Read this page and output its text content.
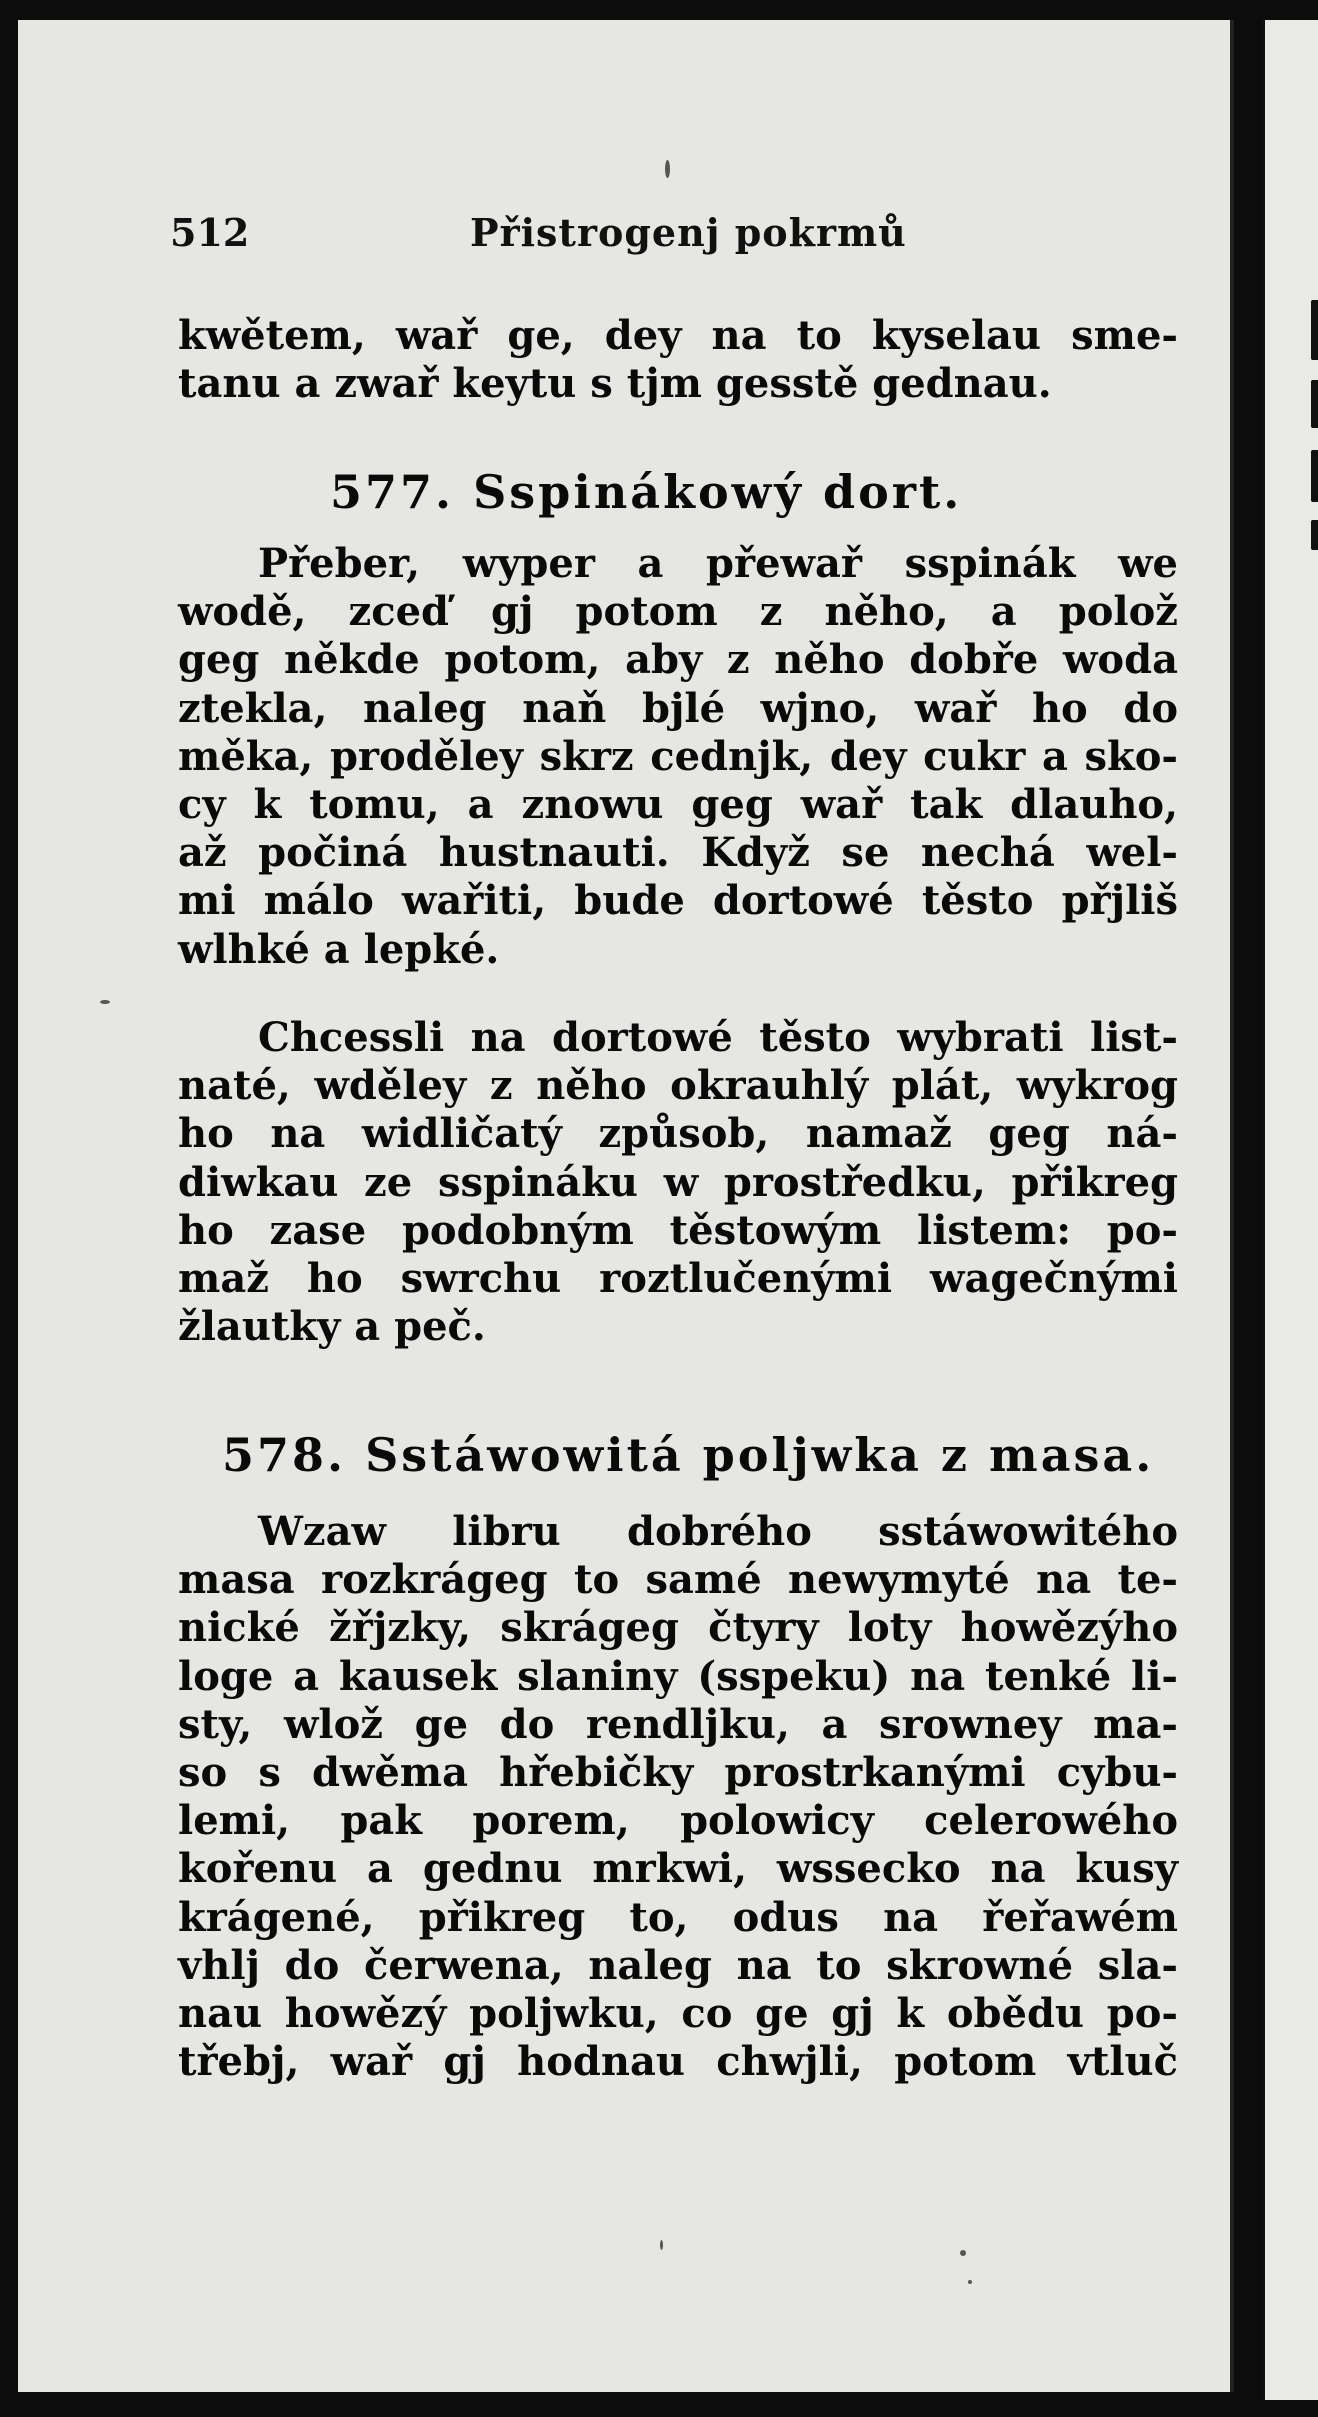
512	Přistrogenj pokrmů
kwětem, wař ge, dey na to kyselau sme-
tanu a zwař keytu s tjm gesstě gednau.
577. Sspinákowý dort.
Přeber, wyper a přewař sspinák we
wodě, zceď gj potom z něho, a polož
geg někde potom, aby z něho dobře woda
ztekla, naleg naň bjlé wjno, wař ho do
měka, proděley skrz cednjk, dey cukr a sko-
cy k tomu, a znowu geg wař tak dlauho,
až počiná hustnauti. Když se nechá wel-
mi málo wařiti, bude dortowé těsto přjliš
wlhké a lepké.
Chcessli na dortowé těsto wybrati list-
naté, wděley z něho okrauhlý plát, wykrog
ho na widličatý způsob, namaž geg ná-
diwkau ze sspináku w prostředku, přikreg
ho zase podobným těstowým listem: po-
maž ho swrchu roztlučenými wagečnými
žlautky a peč.
578. Sstáwowitá poljwka z masa.
Wzaw libru dobrého sstáwowitého
masa rozkrágeg to samé newymyté na te-
nické žřjzky, skrágeg čtyry loty howězýho
loge a kausek slaniny (sspeku) na tenké li-
sty, wlož ge do rendljku, a srowney ma-
so s dwěma hřebičky prostrkanými cybu-
lemi, pak porem, polowicy celerowého
kořenu a gednu mrkwi, wssecko na kusy
krágené, přikreg to, odus na řeřawém
vhlj do čerwena, naleg na to skrowné sla-
nau howězý poljwku, co ge gj k obědu po-
třebj, wař gj hodnau chwjli, potom vtluč
